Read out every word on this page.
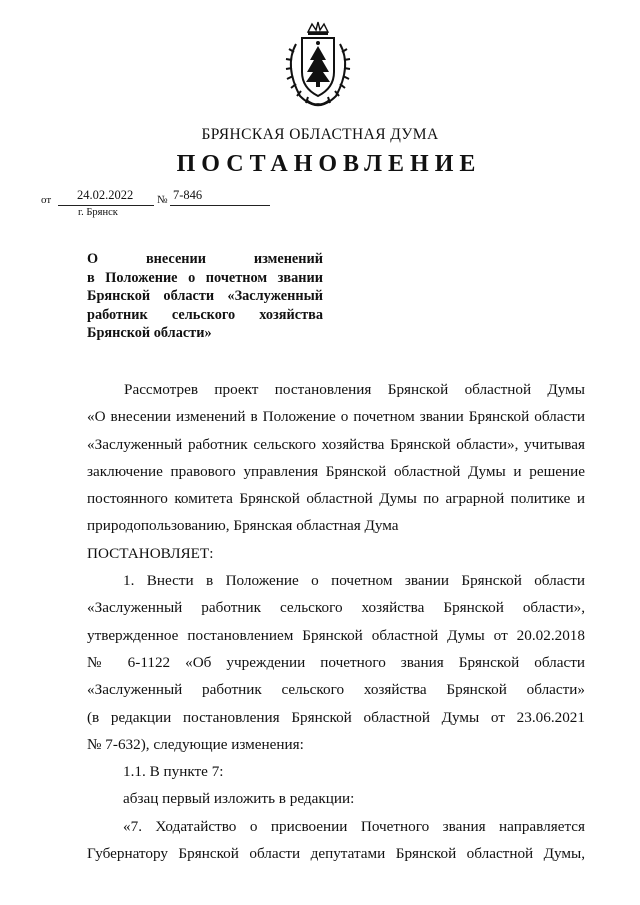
БРЯНСКАЯ ОБЛАСТНАЯ ДУМА
ПОСТАНОВЛЕНИЕ
от 24.02.2022 № 7-846
г. Брянск
О внесении изменений
в Положение о почетном звании
Брянской области «Заслуженный
работник сельского хозяйства
Брянской области»
Рассмотрев проект постановления Брянской областной Думы
«О внесении изменений в Положение о почетном звании Брянской области
«Заслуженный работник сельского хозяйства Брянской области», учитывая
заключение правового управления Брянской областной Думы и решение
постоянного комитета Брянской областной Думы по аграрной политике и
природопользованию, Брянская областная Дума
ПОСТАНОВЛЯЕТ:
1. Внести в Положение о почетном звании Брянской области
«Заслуженный работник сельского хозяйства Брянской области»,
утвержденное постановлением Брянской областной Думы от 20.02.2018
№ 6-1122 «Об учреждении почетного звания Брянской области
«Заслуженный работник сельского хозяйства Брянской области»
(в редакции постановления Брянской областной Думы от 23.06.2021
№ 7-632), следующие изменения:
1.1. В пункте 7:
абзац первый изложить в редакции:
«7. Ходатайство о присвоении Почетного звания направляется
Губернатору Брянской области депутатами Брянской областной Думы,
